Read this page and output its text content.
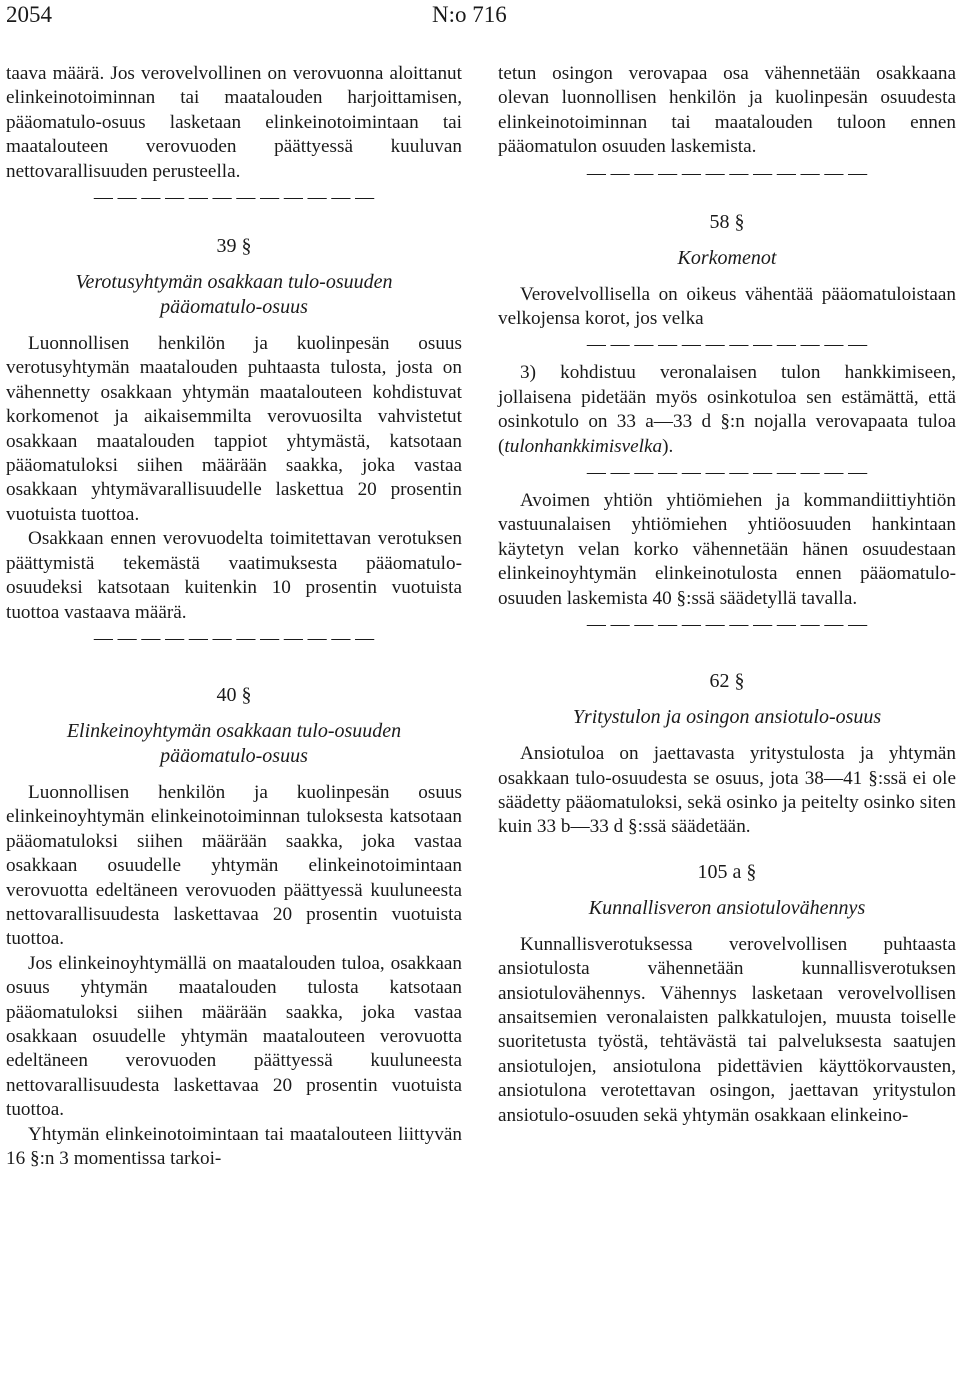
2054	N:o 716

taava määrä. Jos verovelvollinen on verovuonna aloittanut elinkeinotoiminnan tai maatalouden harjoittamisen, pääomatulo-osuus lasketaan elinkeinotoimintaan tai maatalouteen verovuoden päättyessä kuuluvan nettovarallisuuden perusteella.

— — — — — — — — — — — —
39 §
Verotusyhtymän osakkaan tulo-osuuden
pääomatulo-osuus

Luonnollisen henkilön ja kuolinpesän osuus verotusyhtymän maatalouden puhtaasta tulosta, josta on vähennetty osakkaan yhtymän maatalouteen kohdistuvat korkomenot ja aikaisemmilta verovuosilta vahvistetut osakkaan maatalouden tappiot yhtymästä, katsotaan pääomatuloksi siihen määrään saakka, joka vastaa osakkaan yhtymävarallisuudelle laskettua 20 prosentin vuotuista tuottoa.

Osakkaan ennen verovuodelta toimitettavan verotuksen päättymistä tekemästä vaatimuksesta pääomatulo-osuudeksi katsotaan kuitenkin 10 prosentin vuotuista tuottoa vastaava määrä.

— — — — — — — — — — — —
40 §
Elinkeinoyhtymän osakkaan tulo-osuuden
pääomatulo-osuus

Luonnollisen henkilön ja kuolinpesän osuus elinkeinoyhtymän elinkeinotoiminnan tuloksesta katsotaan pääomatuloksi siihen määrään saakka, joka vastaa osakkaan osuudelle yhtymän elinkeinotoimintaan verovuotta edeltäneen verovuoden päättyessä kuuluneesta nettovarallisuudesta laskettavaa 20 prosentin vuotuista tuottoa.

Jos elinkeinoyhtymällä on maatalouden tuloa, osakkaan osuus yhtymän maatalouden tulosta katsotaan pääomatuloksi siihen määrään saakka, joka vastaa osakkaan osuudelle yhtymän maatalouteen verovuotta edeltäneen verovuoden päättyessä kuuluneesta nettovarallisuudesta laskettavaa 20 prosentin vuotuista tuottoa.

Yhtymän elinkeinotoimintaan tai maatalouteen liittyvän 16 §:n 3 momentissa tarkoi-

tetun osingon verovapaa osa vähennetään osakkaana olevan luonnollisen henkilön ja kuolinpesän osuudesta elinkeinotoiminnan tai maatalouden tuloon ennen pääomatulon osuuden laskemista.

— — — — — — — — — — — —
58 §
Korkomenot

Verovelvollisella on oikeus vähentää pääomatuloistaan velkojensa korot, jos velka

— — — — — — — — — — — —

3) kohdistuu veronalaisen tulon hankkimiseen, jollaisena pidetään myös osinkotuloa sen estämättä, että osinkotulo on 33 a—33 d §:n nojalla verovapaata tuloa (tulonhankkimisvelka).

— — — — — — — — — — — —

Avoimen yhtiön yhtiömiehen ja kommandiittiyhtiön vastuunalaisen yhtiömiehen yhtiöosuuden hankintaan käytetyn velan korko vähennetään hänen osuudestaan elinkeinoyhtymän elinkeinotulosta ennen pääomatulo-osuuden laskemista 40 §:ssä säädetyllä tavalla.

— — — — — — — — — — — —
62 §
Yritystulon ja osingon ansiotulo-osuus

Ansiotuloa on jaettavasta yritystulosta ja yhtymän osakkaan tulo-osuudesta se osuus, jota 38—41 §:ssä ei ole säädetty pääomatuloksi, sekä osinko ja peitelty osinko siten kuin 33 b—33 d §:ssä säädetään.

105 a §
Kunnallisveron ansiotulovähennys

Kunnallisverotuksessa verovelvollisen puhtaasta ansiotulosta vähennetään kunnallisverotuksen ansiotulovähennys. Vähennys lasketaan verovelvollisen ansaitsemien veronalaisten palkkatulojen, muusta toiselle suoritetusta työstä, tehtävästä tai palveluksesta saatujen ansiotulojen, ansiotulona pidettävien käyttökorvausten, ansiotulona verotettavan osingon, jaettavan yritystulon ansiotulo-osuuden sekä yhtymän osakkaan elinkeino-
